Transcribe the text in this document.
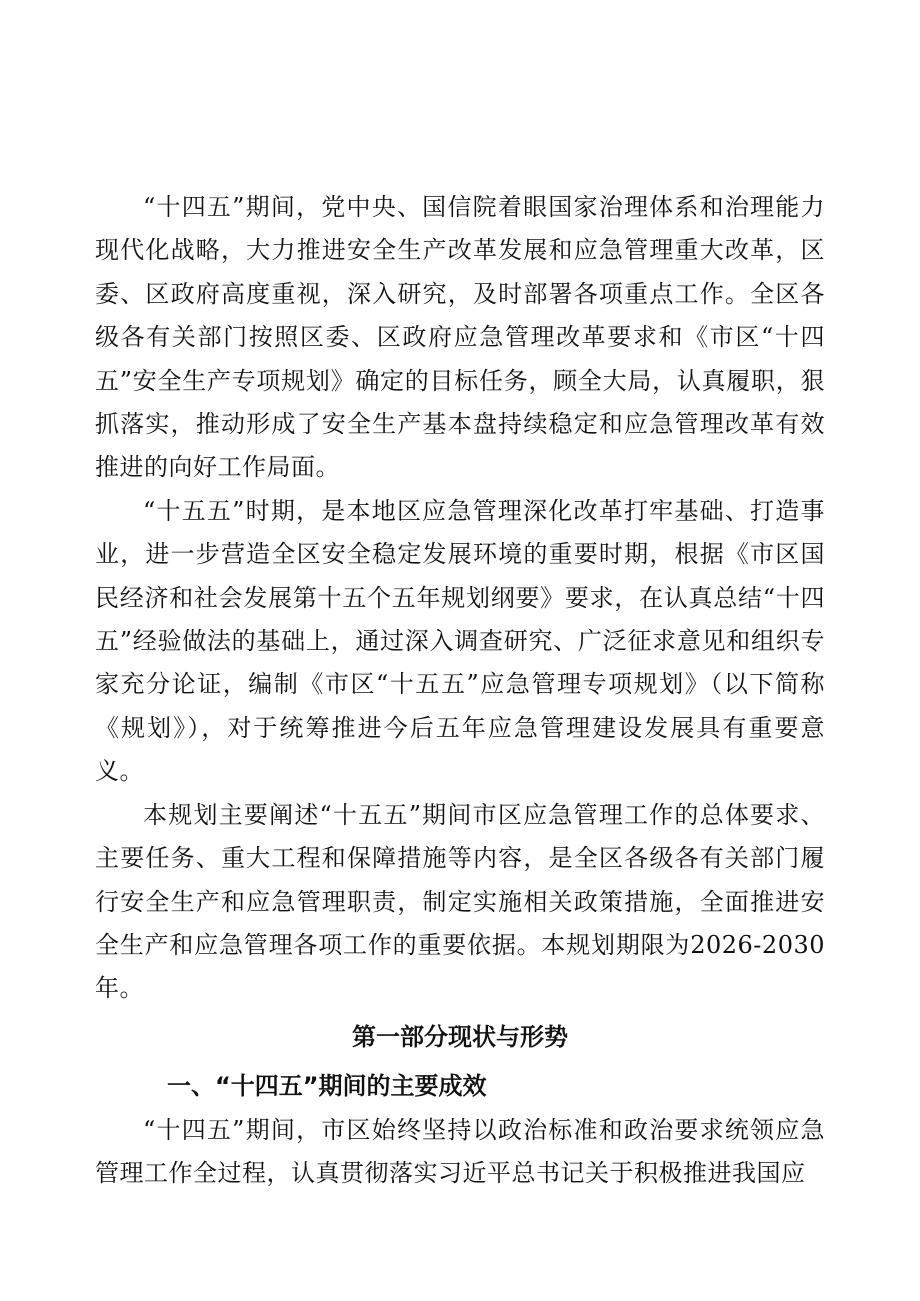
“十四五”期间，党中央、国信院着眼国家治理体系和治理能力现代化战略，大力推进安全生产改革发展和应急管理重大改革，区委、区政府高度重视，深入研究，及时部署各项重点工作。全区各级各有关部门按照区委、区政府应急管理改革要求和《市区“十四五”安全生产专项规划》确定的目标任务，顾全大局，认真履职，狠抓落实，推动形成了安全生产基本盘持续稳定和应急管理改革有效推进的向好工作局面。

“十五五”时期，是本地区应急管理深化改革打牢基础、打造事业，进一步营造全区安全稳定发展环境的重要时期，根据《市区国民经济和社会发展第十五个五年规划纲要》要求，在认真总结“十四五”经验做法的基础上，通过深入调查研究、广泛征求意见和组织专家充分论证，编制《市区“十五五”应急管理专项规划》（以下简称《规划》），对于统筹推进今后五年应急管理建设发展具有重要意义。

本规划主要阐述“十五五”期间市区应急管理工作的总体要求、主要任务、重大工程和保障措施等内容，是全区各级各有关部门履行安全生产和应急管理职责，制定实施相关政策措施，全面推进安全生产和应急管理各项工作的重要依据。本规划期限为2026-2030年。

第一部分现状与形势
一、“十四五”期间的主要成效

“十四五”期间，市区始终坚持以政治标准和政治要求统领应急管理工作全过程，认真贯彻落实习近平总书记关于积极推进我国应
